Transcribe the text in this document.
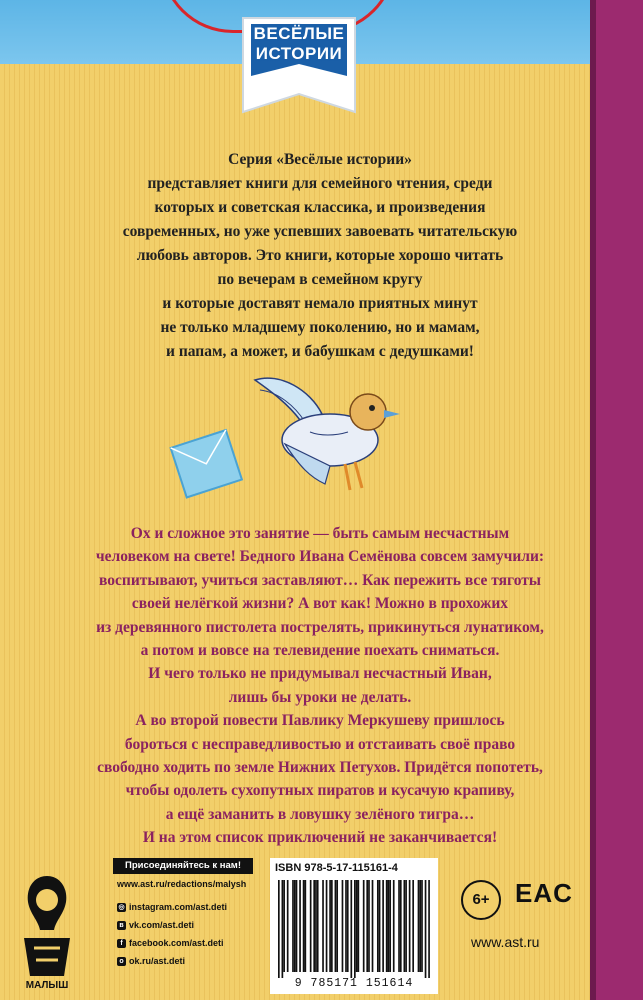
ВЕСЁЛЫЕ
ИСТОРИИ

Серия «Весёлые истории»

представляет книги для семейного чтения, среди

которых и советская классика, и произведения

современных, но уже успевших завоевать читательскую

любовь авторов. Это книги, которые хорошо читать

по вечерам в семейном кругу

и которые доставят немало приятных минут

не только младшему поколению, но и мамам,

и папам, а может, и бабушкам с дедушками!

Ох и сложное это занятие — быть самым несчастным

человеком на свете! Бедного Ивана Семёнова совсем замучили:

воспитывают, учиться заставляют… Как пережить все тяготы

своей нелёгкой жизни? А вот как! Можно в прохожих

из деревянного пистолета пострелять, прикинуться лунатиком,

а потом и вовсе на телевидение поехать сниматься.

И чего только не придумывал несчастный Иван,

лишь бы уроки не делать.

А во второй повести Павлику Меркушеву пришлось

бороться с несправедливостью и отстаивать своё право

свободно ходить по земле Нижних Петухов. Придётся попотеть,

чтобы одолеть сухопутных пиратов и кусачую крапиву,

а ещё заманить в ловушку зелёного тигра…

И на этом список приключений не заканчивается!

МАЛЫШ
Присоединяйтесь к нам!
www.ast.ru/redactions/malysh
◎ instagram.com/ast.deti
в vk.com/ast.deti
f facebook.com/ast.deti
о ok.ru/ast.deti
ISBN 978-5-17-115161-4
9 785171 151614
6+ EAC
www.ast.ru
